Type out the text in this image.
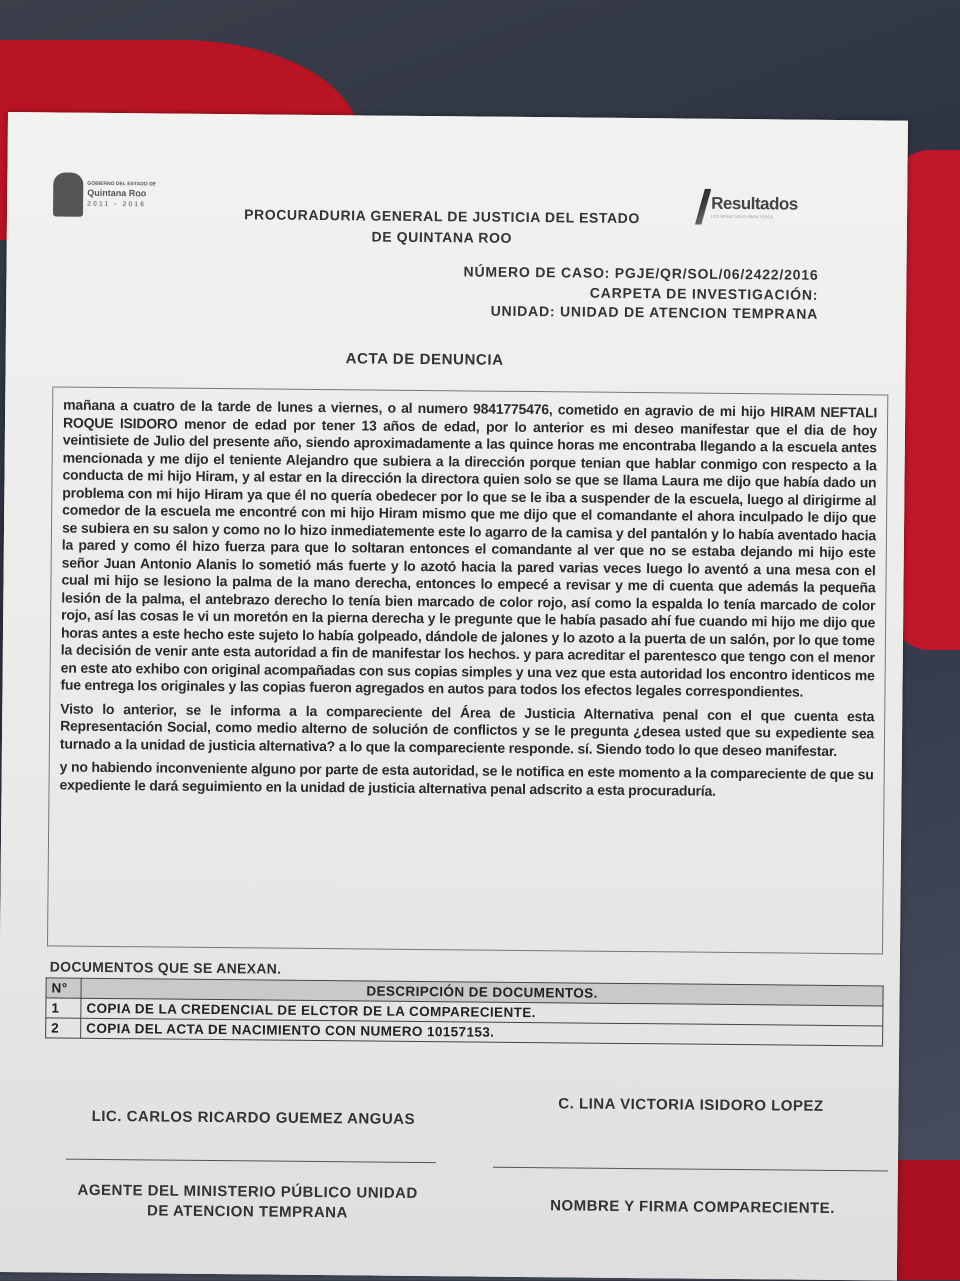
GOBIERNO DEL ESTADO DE
Quintana Roo
2011 - 2016	Resultados
LOS RESULTADOS PARA TODOS
PROCURADURIA GENERAL DE JUSTICIA DEL ESTADO
DE QUINTANA ROO
NÚMERO DE CASO: PGJE/QR/SOL/06/2422/2016
CARPETA DE INVESTIGACIÓN:
UNIDAD: UNIDAD DE ATENCION TEMPRANA
ACTA DE DENUNCIA
mañana a cuatro de la tarde de lunes a viernes, o al numero 9841775476, cometido en agravio de mi hijo HIRAM NEFTALI ROQUE ISIDORO menor de edad por tener 13 años de edad, por lo anterior es mi deseo manifestar que el dia de hoy veintisiete de Julio del presente año, siendo aproximadamente a las quince horas me encontraba llegando a la escuela antes mencionada y me dijo el teniente Alejandro que subiera a la dirección porque tenian que hablar conmigo con respecto a la conducta de mi hijo Hiram, y al estar en la dirección la directora quien solo se que se llama Laura me dijo que había dado un problema con mi hijo Hiram ya que él no quería obedecer por lo que se le iba a suspender de la escuela, luego al dirigirme al comedor de la escuela me encontré con mi hijo Hiram mismo que me dijo que el comandante el ahora inculpado le dijo que se subiera en su salon y como no lo hizo inmediatemente este lo agarro de la camisa y del pantalón y lo había aventado hacia la pared y como él hizo fuerza para que lo soltaran entonces el comandante al ver que no se estaba dejando mi hijo este señor Juan Antonio Alanis lo sometió más fuerte y lo azotó hacia la pared varias veces luego lo aventó a una mesa con el cual mi hijo se lesiono la palma de la mano derecha, entonces lo empecé a revisar y me di cuenta que además la pequeña lesión de la palma, el antebrazo derecho lo tenía bien marcado de color rojo, así como la espalda lo tenía marcado de color rojo, así las cosas le vi un moretón en la pierna derecha y le pregunte que le había pasado ahí fue cuando mi hijo me dijo que horas antes a este hecho este sujeto lo había golpeado, dándole de jalones y lo azoto a la puerta de un salón, por lo que tome la decisión de venir ante esta autoridad a fin de manifestar los hechos. y para acreditar el parentesco que tengo con el menor en este ato exhibo con original acompañadas con sus copias simples y una vez que esta autoridad los encontro identicos me fue entrega los originales y las copias fueron agregados en autos para todos los efectos legales correspondientes.
Visto lo anterior, se le informa a la compareciente del Área de Justicia Alternativa penal con el que cuenta esta Representación Social, como medio alterno de solución de conflictos y se le pregunta ¿desea usted que su expediente sea turnado a la unidad de justicia alternativa? a lo que la compareciente responde. sí. Siendo todo lo que deseo manifestar.
y no habiendo inconveniente alguno por parte de esta autoridad, se le notifica en este momento a la compareciente de que su expediente le dará seguimiento en la unidad de justicia alternativa penal adscrito a esta procuraduría.
DOCUMENTOS QUE SE ANEXAN.
N°	DESCRIPCIÓN DE DOCUMENTOS.
1	COPIA DE LA CREDENCIAL DE ELCTOR DE LA COMPARECIENTE.
2	COPIA DEL ACTA DE NACIMIENTO CON NUMERO 10157153.
LIC. CARLOS RICARDO GUEMEZ ANGUAS
AGENTE DEL MINISTERIO PÚBLICO UNIDAD
DE ATENCION TEMPRANA
C. LINA VICTORIA ISIDORO LOPEZ
NOMBRE Y FIRMA COMPARECIENTE.
